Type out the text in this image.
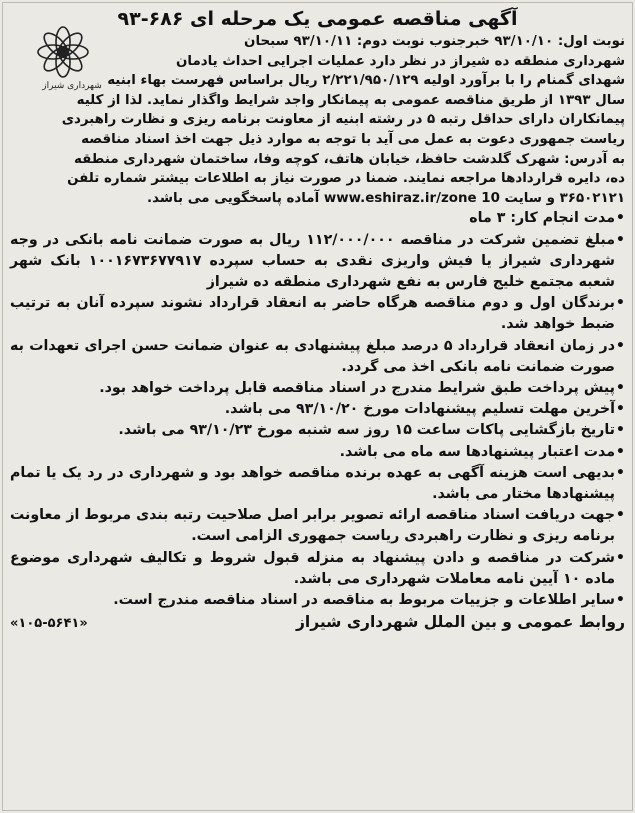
آگهی مناقصه عمومی یک مرحله ای ۶۸۶-۹۳
شهرداری شیراز

نوبت اول: ۹۳/۱۰/۱۰ خبرجنوب نوبت دوم: ۹۳/۱۰/۱۱ سبحان

شهرداری منطقه ده شیراز در نظر دارد عملیات اجرایی احداث یادمان

شهدای گمنام را با برآورد اولیه ۲/۲۲۱/۹۵۰/۱۲۹ ریال براساس فهرست بهاء ابنیه

سال ۱۳۹۳ از طریق مناقصه عمومی به پیمانکار واجد شرایط واگذار نماید. لذا از کلیه

پیمانکاران دارای حداقل رتبه ۵ در رشته ابنیه از معاونت برنامه ریزی و نظارت راهبردی

ریاست جمهوری دعوت به عمل می آید با توجه به موارد ذیل جهت اخذ اسناد مناقصه

به آدرس: شهرک گلدشت حافظ، خیابان هاتف، کوچه وفا، ساختمان شهرداری منطقه

ده، دایره قراردادها مراجعه نمایند. ضمنا در صورت نیاز به اطلاعات بیشتر شماره تلفن

۳۶۵۰۲۱۲۱ و سایت www.eshiraz.ir/zone 10 آماده پاسخگویی می باشد.

• مدت انجام کار: ۳ ماه
• مبلغ تضمین شرکت در مناقصه ۱۱۲/۰۰۰/۰۰۰ ریال به صورت ضمانت نامه بانکی در وجه شهرداری شیراز یا فیش واریزی نقدی به حساب سپرده ۱۰۰۱۶۷۳۶۷۷۹۱۷ بانک شهر شعبه مجتمع خلیج فارس به نفع شهرداری منطقه ده شیراز
• برندگان اول و دوم مناقصه هرگاه حاضر به انعقاد قرارداد نشوند سپرده آنان به ترتیب ضبط خواهد شد.
• در زمان انعقاد قرارداد ۵ درصد مبلغ پیشنهادی به عنوان ضمانت حسن اجرای تعهدات به صورت ضمانت نامه بانکی اخذ می گردد.
• پیش پرداخت طبق شرایط مندرج در اسناد مناقصه قابل پرداخت خواهد بود.
• آخرین مهلت تسلیم پیشنهادات مورخ ۹۳/۱۰/۲۰ می باشد.
• تاریخ بازگشایی پاکات ساعت ۱۵ روز سه شنبه مورخ ۹۳/۱۰/۲۳ می باشد.
• مدت اعتبار پیشنهادها سه ماه می باشد.
• بدیهی است هزینه آگهی به عهده برنده مناقصه خواهد بود و شهرداری در رد یک یا تمام پیشنهادها مختار می باشد.
• جهت دریافت اسناد مناقصه ارائه تصویر برابر اصل صلاحیت رتبه بندی مربوط از معاونت برنامه ریزی و نظارت راهبردی ریاست جمهوری الزامی است.
• شرکت در مناقصه و دادن پیشنهاد به منزله قبول شروط و تکالیف شهرداری موضوع ماده ۱۰ آیین نامه معاملات شهرداری می باشد.
• سایر اطلاعات و جزییات مربوط به مناقصه در اسناد مناقصه مندرج است.
روابط عمومی و بین الملل شهرداری شیراز
«۱۰۵-۵۶۴۱»
